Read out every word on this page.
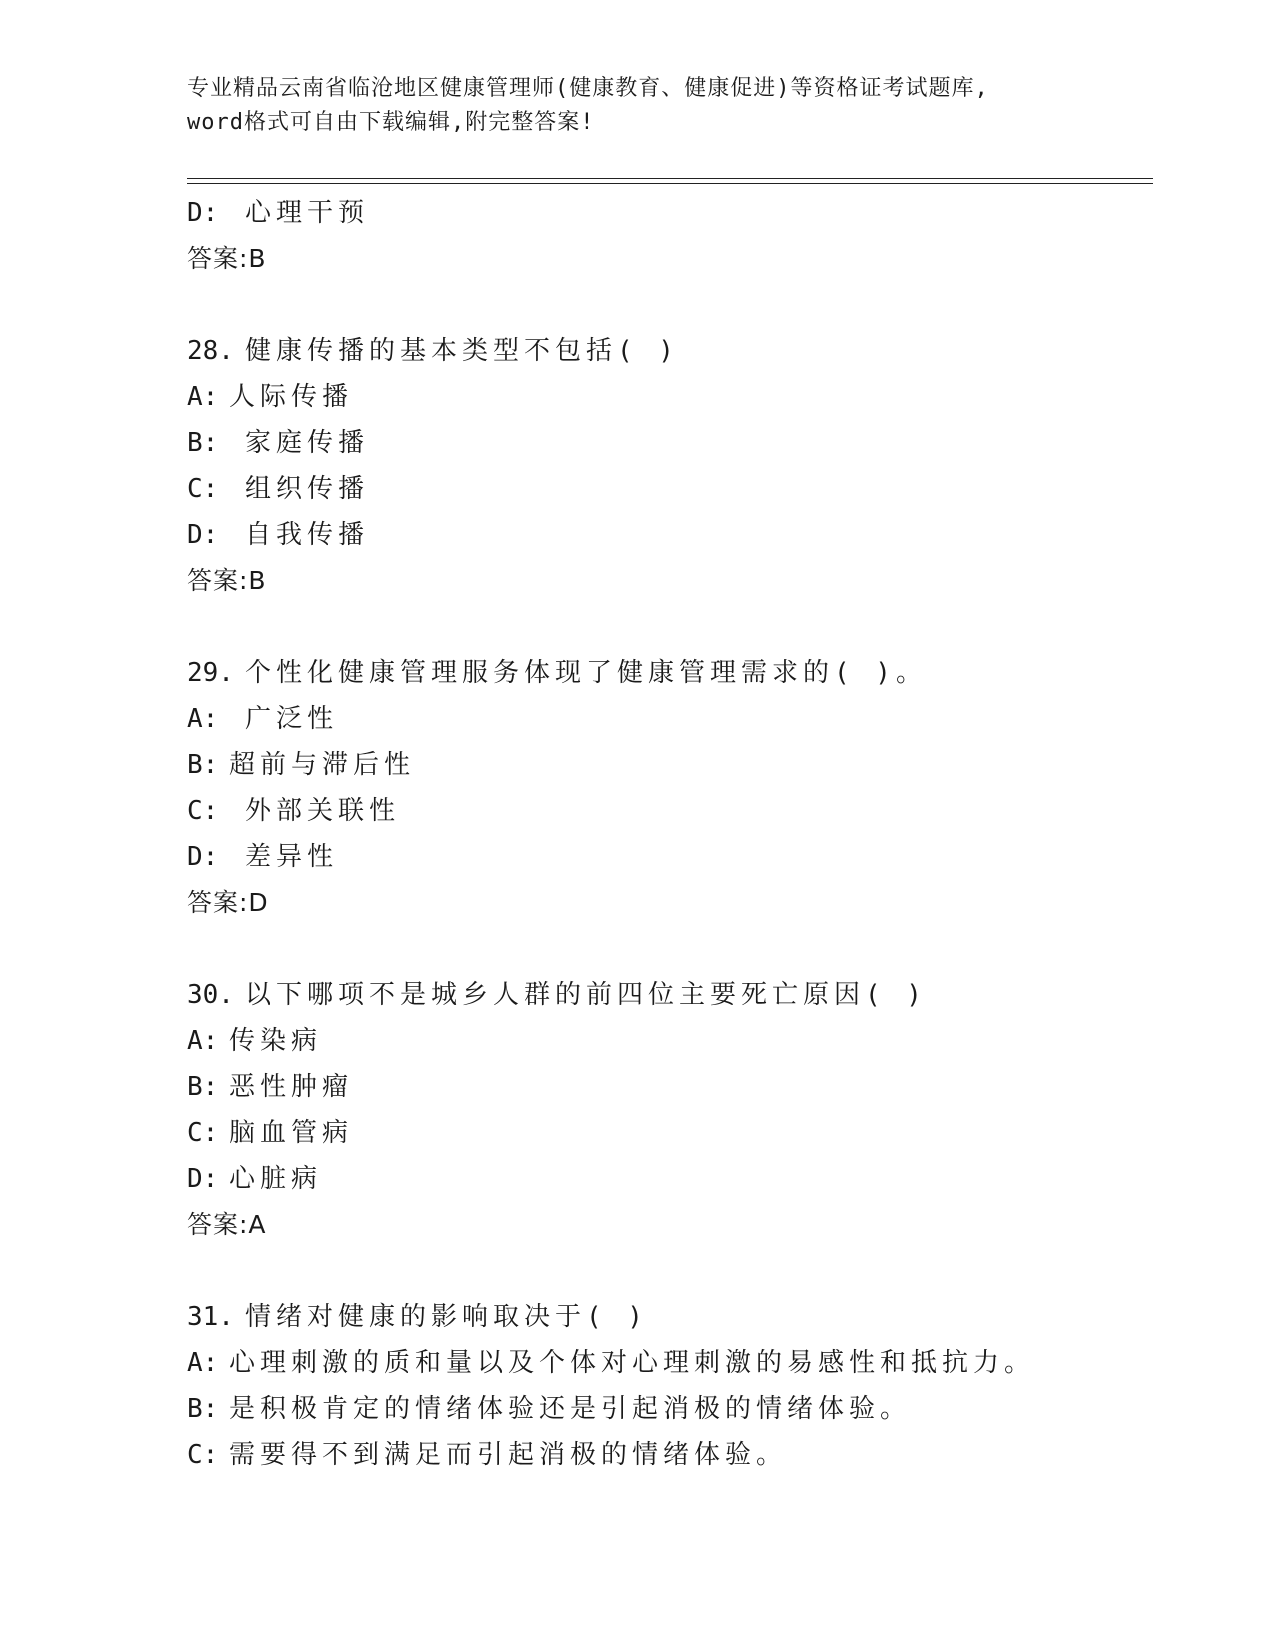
专业精品云南省临沧地区健康管理师(健康教育、健康促进)等资格证考试题库,
word格式可自由下载编辑,附完整答案!
D: 心理干预
答案:B
28. 健康传播的基本类型不包括( )
A: 人际传播
B: 家庭传播
C: 组织传播
D: 自我传播
答案:B
29. 个性化健康管理服务体现了健康管理需求的( )。
A: 广泛性
B: 超前与滞后性
C: 外部关联性
D: 差异性
答案:D
30. 以下哪项不是城乡人群的前四位主要死亡原因( )
A: 传染病
B: 恶性肿瘤
C: 脑血管病
D: 心脏病
答案:A
31. 情绪对健康的影响取决于( )
A: 心理刺激的质和量以及个体对心理刺激的易感性和抵抗力。
B: 是积极肯定的情绪体验还是引起消极的情绪体验。
C: 需要得不到满足而引起消极的情绪体验。
